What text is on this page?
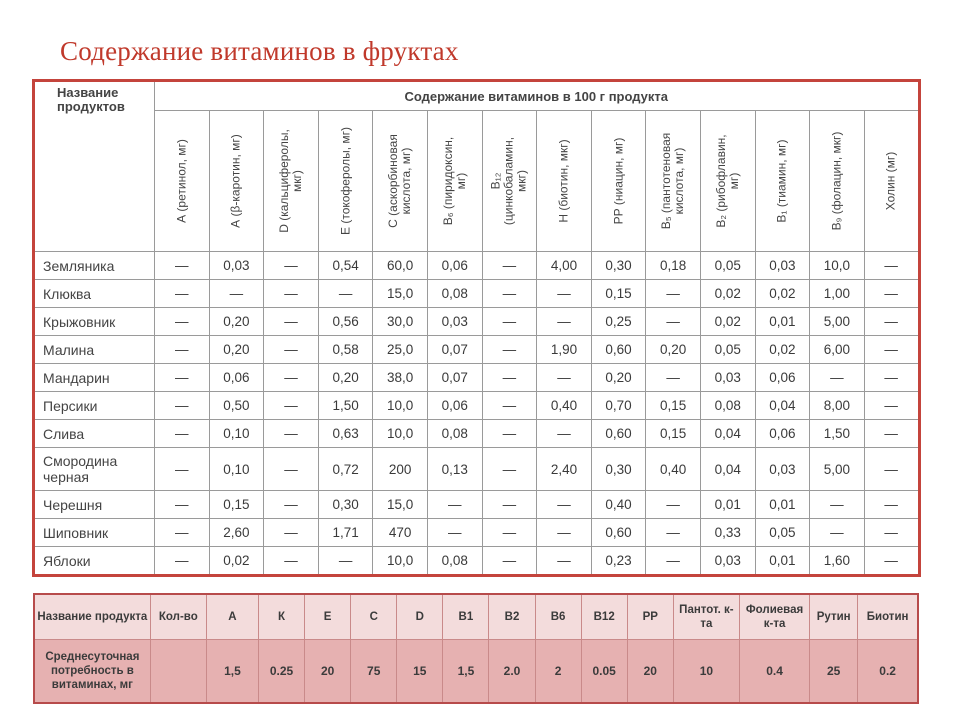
Содержание витаминов в фруктах
Название продуктов	Содержание витаминов в 100 г продукта													

	А (ретинол, мг)	А (β-каротин, мг)	D (кальциферолы,
мкг)	Е (токоферолы, мг)	С (аскорбиновая
кислота, мг)	B₆ (пиридоксин,
мг)	B₁₂
(цинкобаламин,
мкг)	Н (биотин, мкг)	РР (ниацин, мг)	B₅ (пантотеновая
кислота, мг)	B₂ (рибофлавин,
мг)	B₁ (тиамин, мг)	B₉ (фолацин, мкг)	Холин (мг)

Земляника	—	0,03	—	0,54	60,0	0,06	—	4,00	0,30	0,18	0,05	0,03	10,0	—
Клюква	—	—	—	—	15,0	0,08	—	—	0,15	—	0,02	0,02	1,00	—
Крыжовник	—	0,20	—	0,56	30,0	0,03	—	—	0,25	—	0,02	0,01	5,00	—
Малина	—	0,20	—	0,58	25,0	0,07	—	1,90	0,60	0,20	0,05	0,02	6,00	—
Мандарин	—	0,06	—	0,20	38,0	0,07	—	—	0,20	—	0,03	0,06	—	—
Персики	—	0,50	—	1,50	10,0	0,06	—	0,40	0,70	0,15	0,08	0,04	8,00	—
Слива	—	0,10	—	0,63	10,0	0,08	—	—	0,60	0,15	0,04	0,06	1,50	—
Смородина черная	—	0,10	—	0,72	200	0,13	—	2,40	0,30	0,40	0,04	0,03	5,00	—
Черешня	—	0,15	—	0,30	15,0	—	—	—	0,40	—	0,01	0,01	—	—
Шиповник	—	2,60	—	1,71	470	—	—	—	0,60	—	0,33	0,05	—	—
Яблоки	—	0,02	—	—	10,0	0,08	—	—	0,23	—	0,03	0,01	1,60	—
Название продукта	Кол-во	А	К	Е	С	D	В1	В2	В6	В12	РР	Пантот. к-та	Фолиевая к-та	Рутин	Биотин
Среднесуточная потребность в витаминах, мг		1,5	0.25	20	75	15	1,5	2.0	2	0.05	20	10	0.4	25	0.2
